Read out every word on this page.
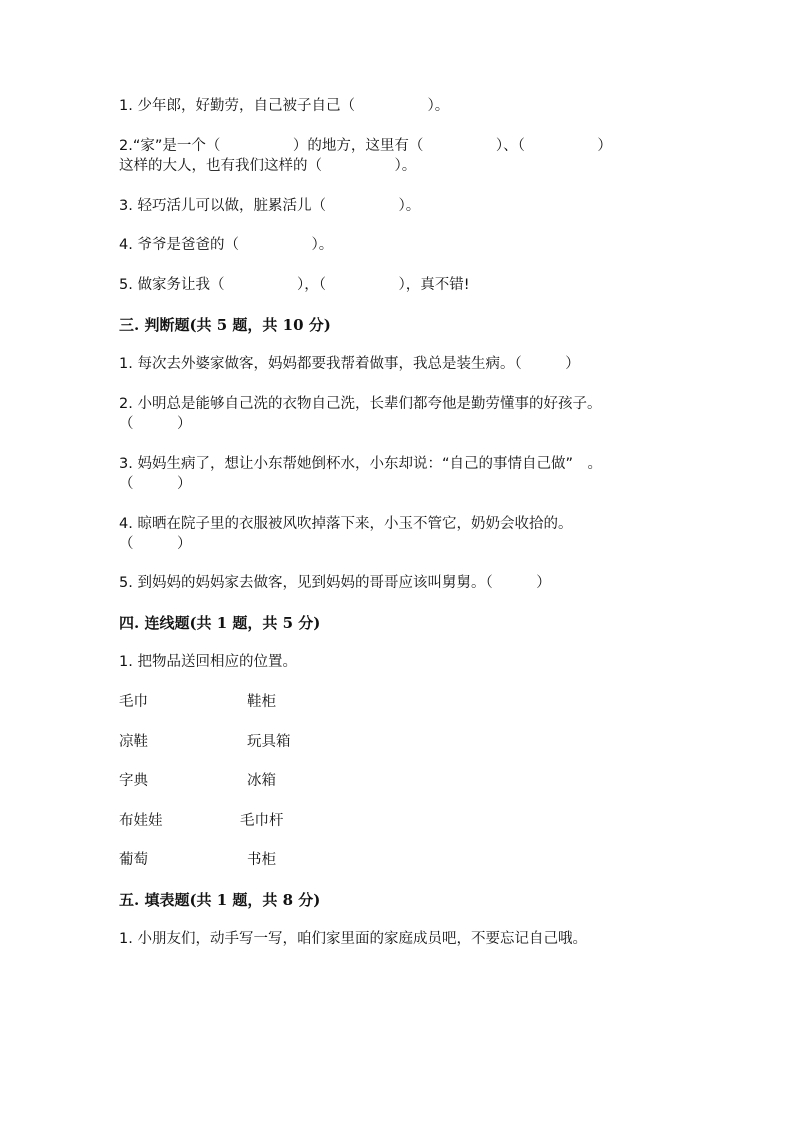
1. 少年郎，好勤劳，自己被子自己（　　　　　）。
2.“家”是一个（　　　　　）的地方，这里有（　　　　　）、（　　　　　）
这样的大人，也有我们这样的（　　　　　）。
3. 轻巧活儿可以做，脏累活儿（　　　　　）。
4. 爷爷是爸爸的（　　　　　）。
5. 做家务让我（　　　　　），（　　　　　），真不错!
三. 判断题(共 5 题，共 10 分)
1. 每次去外婆家做客，妈妈都要我帮着做事，我总是装生病。（　　　）
2. 小明总是能够自己洗的衣物自己洗，长辈们都夸他是勤劳懂事的好孩子。
（　　　）
3. 妈妈生病了，想让小东帮她倒杯水，小东却说：“自己的事情自己做”　。
（　　　）
4. 晾晒在院子里的衣服被风吹掉落下来，小玉不管它，奶奶会收拾的。
（　　　）
5. 到妈妈的妈妈家去做客，见到妈妈的哥哥应该叫舅舅。（　　　）
四. 连线题(共 1 题，共 5 分)
1. 把物品送回相应的位置。
毛巾	鞋柜
凉鞋	玩具箱
字典	冰箱
布娃娃	毛巾杆
葡萄	书柜
五. 填表题(共 1 题，共 8 分)
1. 小朋友们，动手写一写，咱们家里面的家庭成员吧，不要忘记自己哦。
